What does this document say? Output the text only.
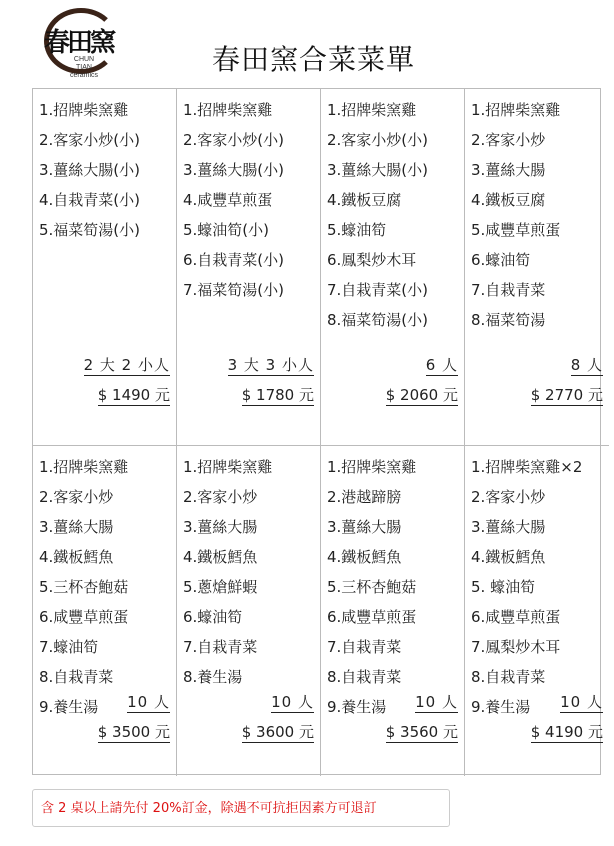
春田窯
CHUN
TIAN
ceramics	春田窯合菜菜單
1.招牌柴窯雞
2.客家小炒(小)
3.薑絲大腸(小)
4.自栽青菜(小)
5.福菜筍湯(小)
2 大 2 小人
$ 1490 元
1.招牌柴窯雞
2.客家小炒(小)
3.薑絲大腸(小)
4.咸豐草煎蛋
5.蠔油筍(小)
6.自栽青菜(小)
7.福菜筍湯(小)
3 大 3 小人
$ 1780 元
1.招牌柴窯雞
2.客家小炒(小)
3.薑絲大腸(小)
4.鐵板豆腐
5.蠔油筍
6.鳳梨炒木耳
7.自栽青菜(小)
8.福菜筍湯(小)
6 人
$ 2060 元
1.招牌柴窯雞
2.客家小炒
3.薑絲大腸
4.鐵板豆腐
5.咸豐草煎蛋
6.蠔油筍
7.自栽青菜
8.福菜筍湯
8 人
$ 2770 元
1.招牌柴窯雞
2.客家小炒
3.薑絲大腸
4.鐵板鱈魚
5.三杯杏鮑菇
6.咸豐草煎蛋
7.蠔油筍
8.自栽青菜
9.養生湯	10 人
$ 3500 元
1.招牌柴窯雞
2.客家小炒
3.薑絲大腸
4.鐵板鱈魚
5.蔥熗鮮蝦
6.蠔油筍
7.自栽青菜
8.養生湯
10 人
$ 3600 元
1.招牌柴窯雞
2.港越蹄膀
3.薑絲大腸
4.鐵板鱈魚
5.三杯杏鮑菇
6.咸豐草煎蛋
7.自栽青菜
8.自栽青菜
9.養生湯	10 人
$ 3560 元
1.招牌柴窯雞×2
2.客家小炒
3.薑絲大腸
4.鐵板鱈魚
5. 蠔油筍
6.咸豐草煎蛋
7.鳳梨炒木耳
8.自栽青菜
9.養生湯	10 人
$ 4190 元
含 2 桌以上請先付 20%訂金，除遇不可抗拒因素方可退訂
